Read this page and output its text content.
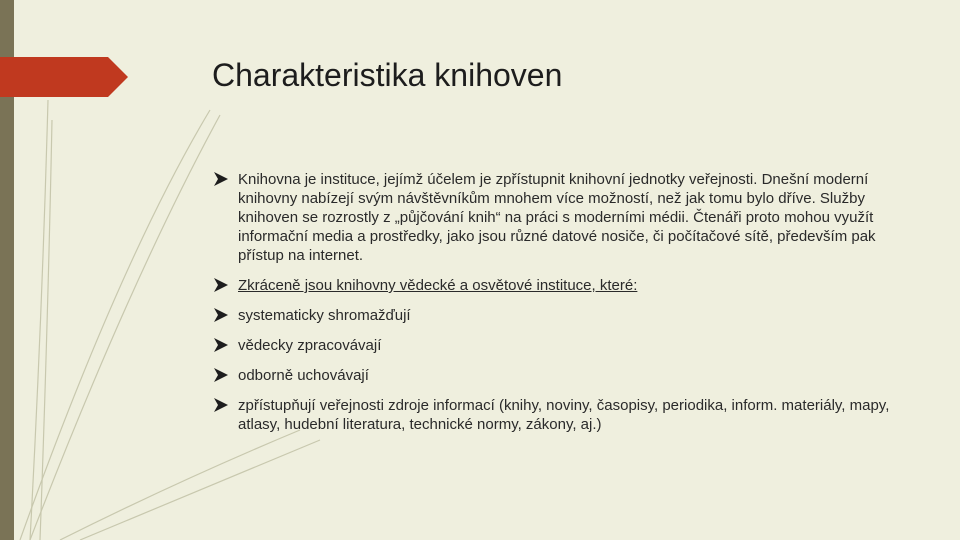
Charakteristika knihoven
Knihovna je instituce, jejímž účelem je zpřístupnit knihovní jednotky veřejnosti. Dnešní moderní knihovny nabízejí svým návštěvníkům mnohem více možností, než jak tomu bylo dříve. Služby knihoven se rozrostly z „půjčování knih“ na práci s moderními médii. Čtenáři proto mohou využít informační media a prostředky, jako jsou různé datové nosiče, či počítačové sítě, především pak přístup na internet.
Zkráceně jsou knihovny vědecké a osvětové instituce, které:
systematicky shromažďují
vědecky zpracovávají
odborně uchovávají
zpřístupňují veřejnosti zdroje informací (knihy, noviny, časopisy, periodika, inform. materiály, mapy, atlasy, hudební literatura, technické normy, zákony, aj.)
